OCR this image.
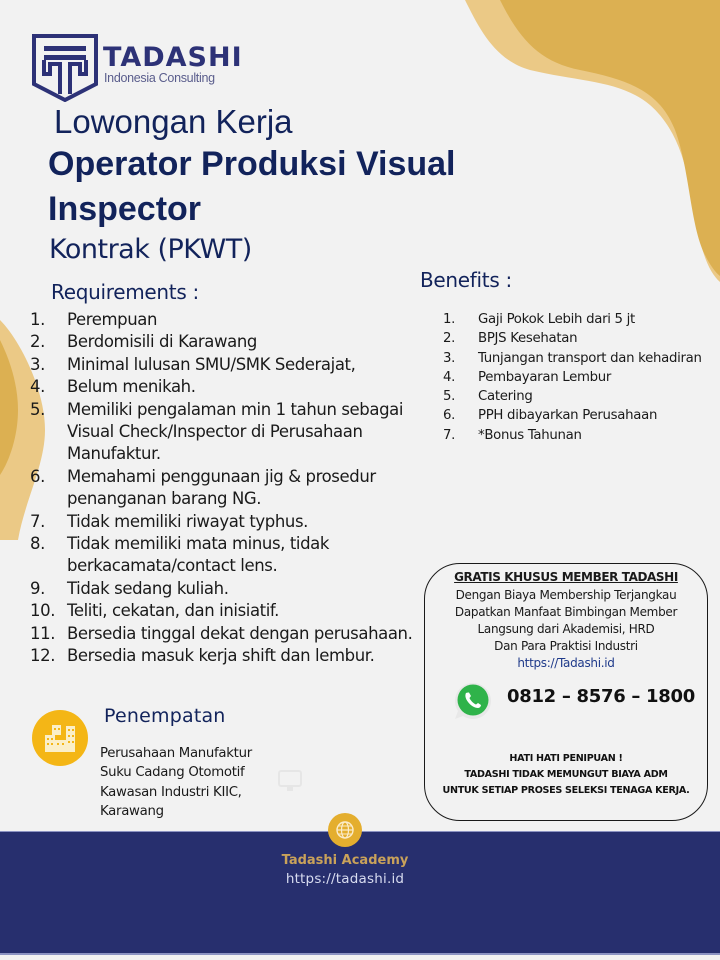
TADASHI
Indonesia Consulting
Lowongan Kerja
Operator Produksi Visual Inspector
Kontrak (PKWT)
Requirements :
1.	Perempuan
2.	Berdomisili di Karawang
3.	Minimal lulusan SMU/SMK Sederajat,
4.	Belum menikah.
5.	Memiliki pengalaman min 1 tahun sebagai Visual Check/Inspector di Perusahaan Manufaktur.
6.	Memahami penggunaan jig & prosedur penanganan barang NG.
7.	Tidak memiliki riwayat typhus.
8.	Tidak memiliki mata minus, tidak berkacamata/contact lens.
9.	Tidak sedang kuliah.
10. Teliti, cekatan, dan inisiatif.
11. Bersedia tinggal dekat dengan perusahaan.
12. Bersedia masuk kerja shift dan lembur.
Benefits :
1.	Gaji Pokok Lebih dari 5 jt
2.	BPJS Kesehatan
3.	Tunjangan transport dan kehadiran
4.	Pembayaran Lembur
5.	Catering
6.	PPH dibayarkan Perusahaan
7.	*Bonus Tahunan
GRATIS KHUSUS MEMBER TADASHI
Dengan Biaya Membership Terjangkau
Dapatkan Manfaat Bimbingan Member
Langsung dari Akademisi, HRD
Dan Para Praktisi Industri
https://Tadashi.id
0812 – 8576 – 1800
HATI HATI PENIPUAN !
TADASHI TIDAK MEMUNGUT BIAYA ADM
UNTUK SETIAP PROSES SELEKSI TENAGA KERJA.
Penempatan
Perusahaan Manufaktur
Suku Cadang Otomotif
Kawasan Industri KIIC,
Karawang
Tadashi Academy
https://tadashi.id
